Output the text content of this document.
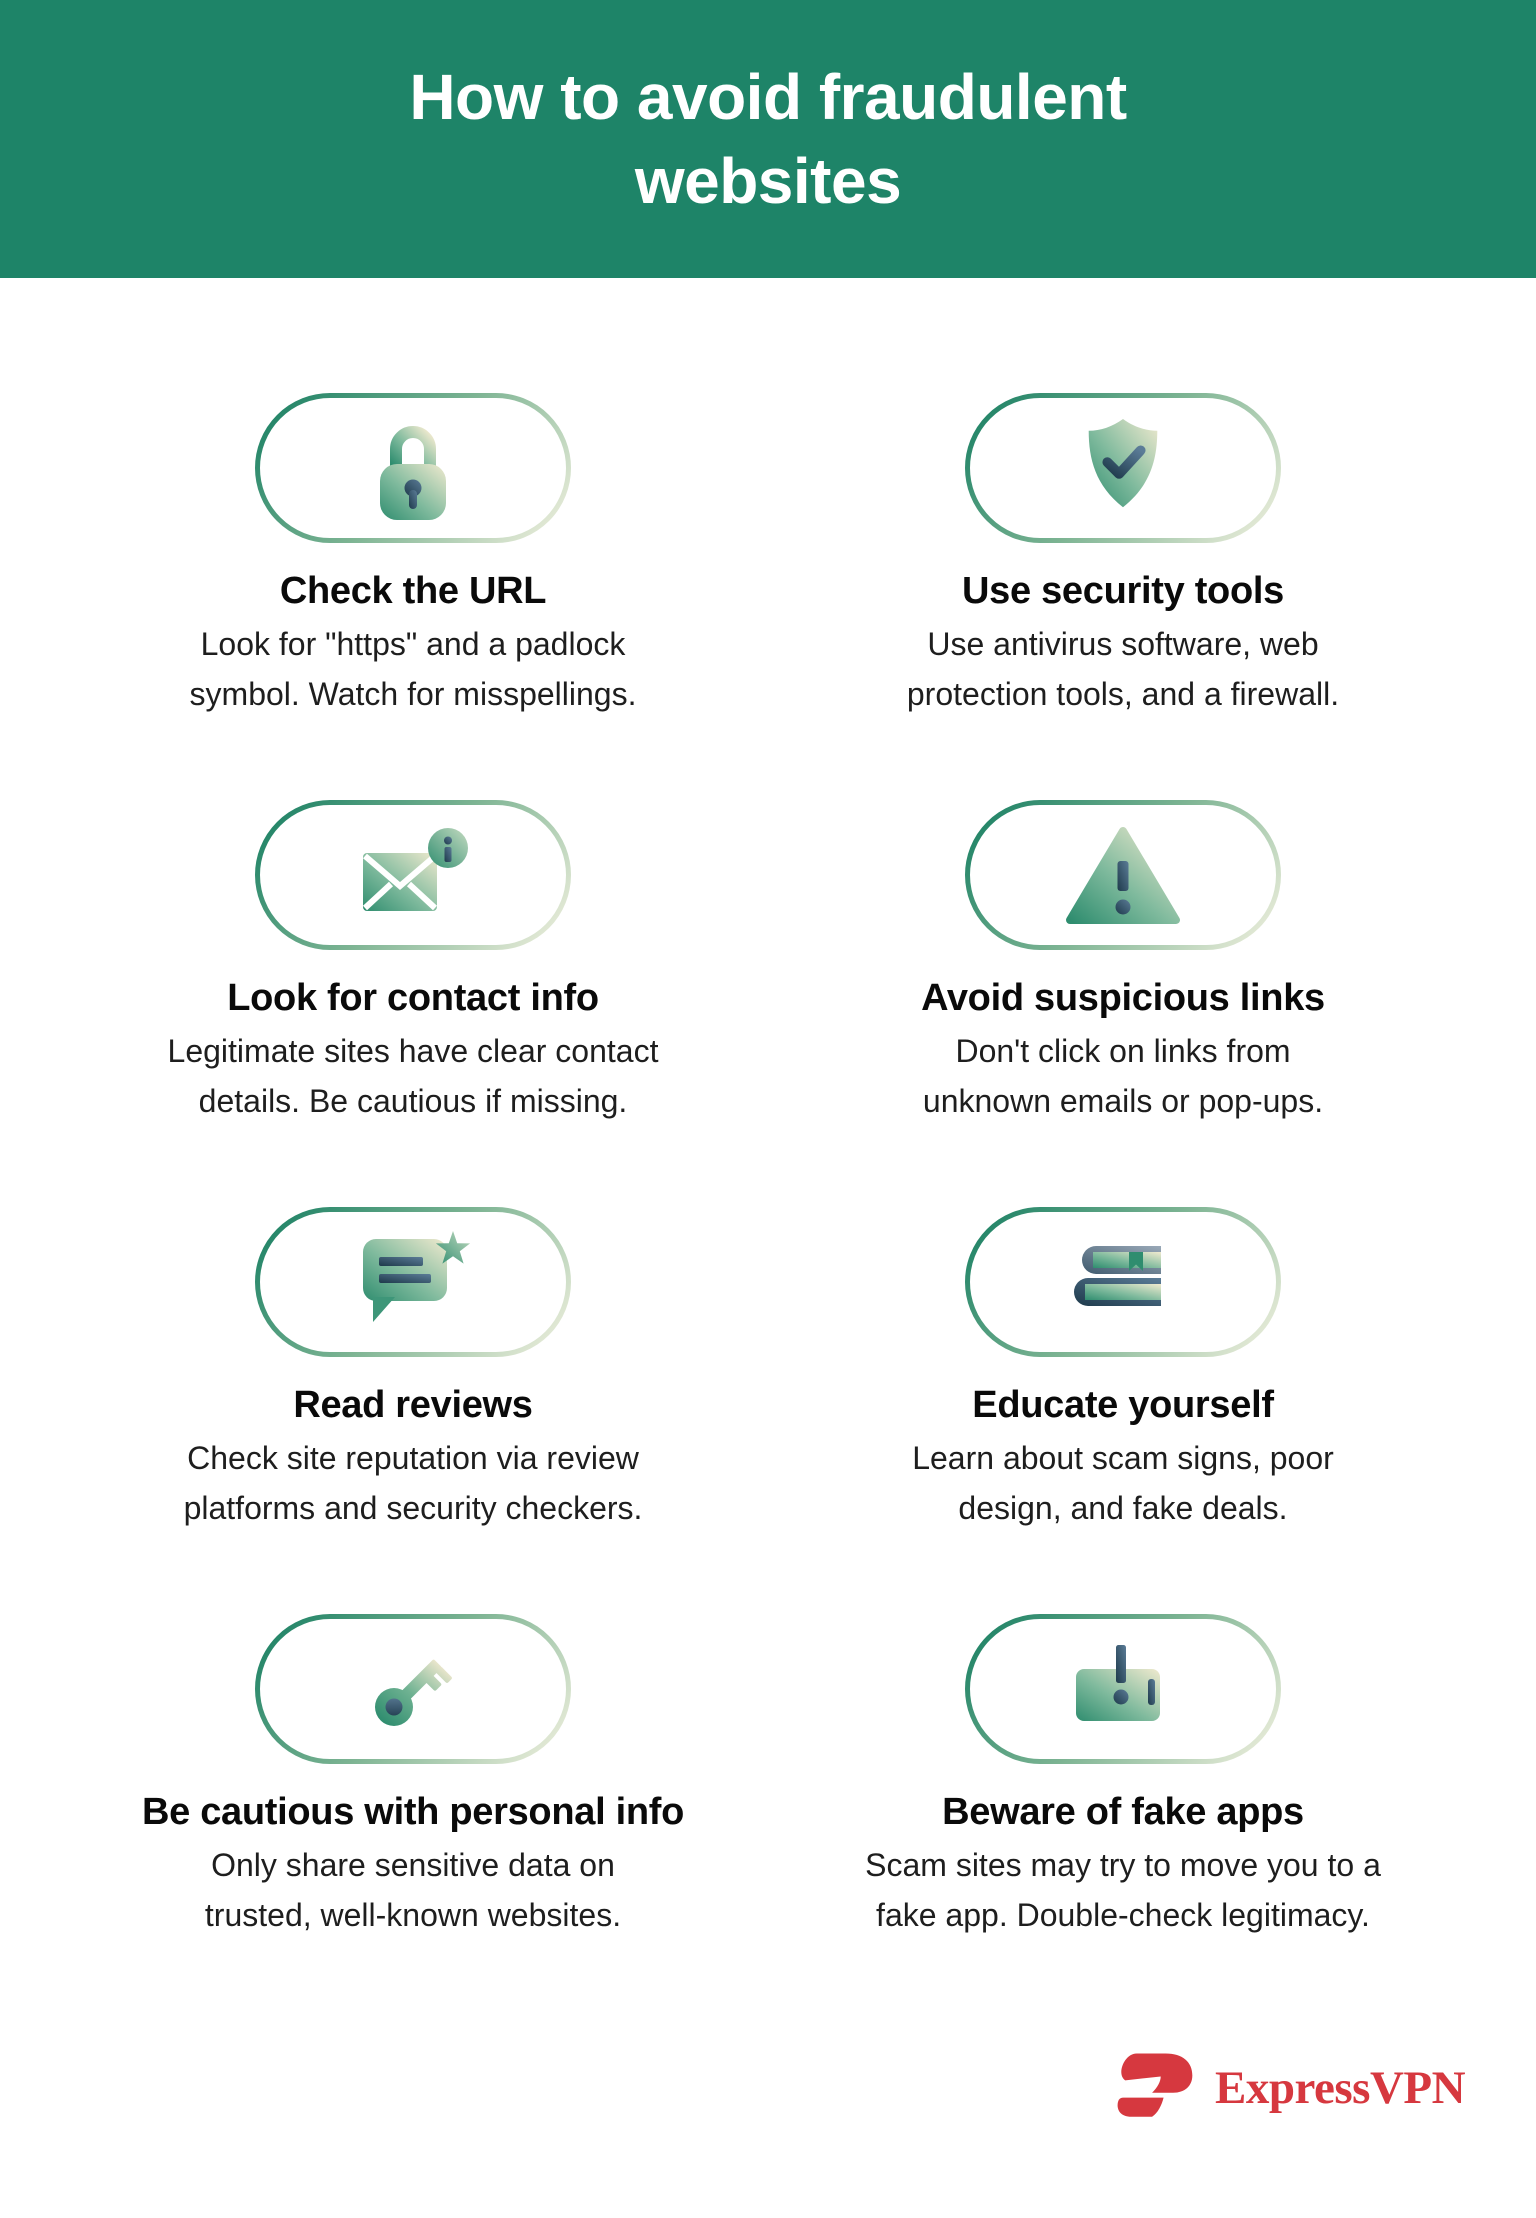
How to avoid fraudulent
websites
Check the URL

Look for "https" and a padlock
symbol. Watch for misspellings.

Use security tools

Use antivirus software, web
protection tools, and a firewall.

Look for contact info

Legitimate sites have clear contact
details. Be cautious if missing.

Avoid suspicious links

Don't click on links from
unknown emails or pop-ups.

Read reviews

Check site reputation via review
platforms and security checkers.

Educate yourself

Learn about scam signs, poor
design, and fake deals.

Be cautious with personal info

Only share sensitive data on
trusted, well-known websites.

Beware of fake apps

Scam sites may try to move you to a
fake app. Double-check legitimacy.

ExpressVPN
